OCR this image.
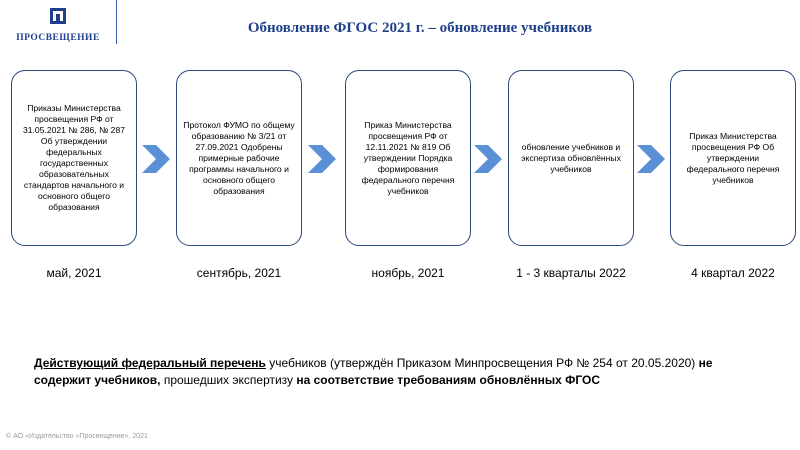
ПРОСВЕЩЕНИЕ
Обновление ФГОС 2021 г. – обновление учебников
Приказы Министерства просвещения РФ от 31.05.2021 № 286, № 287 Об утверждении федеральных государственных образовательных стандартов начального и основного общего образования
Протокол ФУМО по общему образованию № 3/21 от 27.09.2021 Одобрены примерные рабочие программы начального и основного общего образования
Приказ Министерства просвещения РФ от 12.11.2021 № 819 Об утверждении Порядка формирования федерального перечня учебников
обновление учебников и экспертиза обновлённых учебников
Приказ Министерства просвещения РФ Об утверждении федерального перечня учебников
май, 2021	сентябрь, 2021	ноябрь, 2021	1 - 3 кварталы 2022	4 квартал 2022
Действующий федеральный перечень учебников (утверждён Приказом Минпросвещения РФ № 254 от 20.05.2020) не содержит учебников, прошедших экспертизу на соответствие требованиям обновлённых ФГОС
© АО «Издательство «Просвещение», 2021
